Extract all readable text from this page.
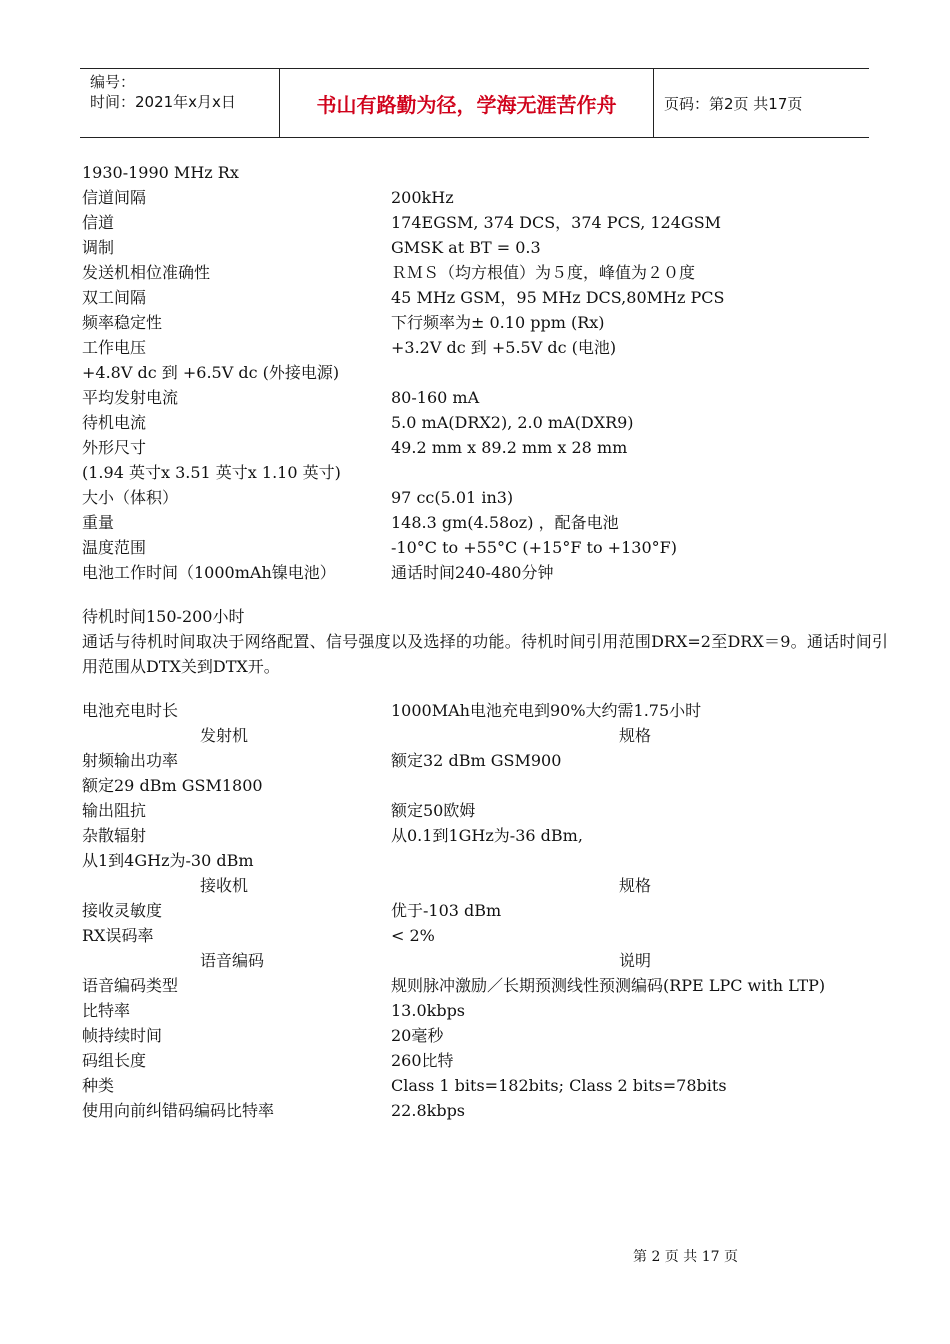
编号：
时间：2021年x月x日	书山有路勤为径，学海无涯苦作舟	页码：第2页 共17页
1930-1990 MHz Rx
信道间隔	200kHz
信道	174EGSM, 374 DCS，374 PCS, 124GSM
调制	GMSK at BT = 0.3
发送机相位准确性	ＲＭＳ（均方根值）为５度，峰值为２０度
双工间隔	45 MHz GSM，95 MHz DCS,80MHz PCS
频率稳定性	下行频率为± 0.10 ppm (Rx)
工作电压	+3.2V dc 到 +5.5V dc (电池)
+4.8V dc 到 +6.5V dc (外接电源)
平均发射电流	80-160 mA
待机电流	5.0 mA(DRX2), 2.0 mA(DXR9)
外形尺寸	49.2 mm x 89.2 mm x 28 mm
(1.94 英寸x 3.51 英寸x 1.10 英寸)
大小（体积）	97 cc(5.01 in3)
重量	148.3 gm(4.58oz) ，配备电池
温度范围	-10°C to +55°C (+15°F to +130°F)
电池工作时间（1000mAh镍电池）	通话时间240-480分钟
待机时间150-200小时
通话与待机时间取决于网络配置、信号强度以及选择的功能。待机时间引用范围DRX=2至DRX＝9。通话时间引用范围从DTX关到DTX开。
电池充电时长	1000MAh电池充电到90%大约需1.75小时
发射机	规格
射频输出功率	额定32 dBm GSM900
额定29 dBm GSM1800
输出阻抗	额定50欧姆
杂散辐射	从0.1到1GHz为-36 dBm,
从1到4GHz为-30 dBm
接收机	规格
接收灵敏度	优于-103 dBm
RX误码率	< 2%
语音编码	说明
语音编码类型	规则脉冲激励／长期预测线性预测编码(RPE LPC with LTP)
比特率	13.0kbps
帧持续时间	20毫秒
码组长度	260比特
种类	Class 1 bits=182bits; Class 2 bits=78bits
使用向前纠错码编码比特率	22.8kbps
第 2 页 共 17 页
